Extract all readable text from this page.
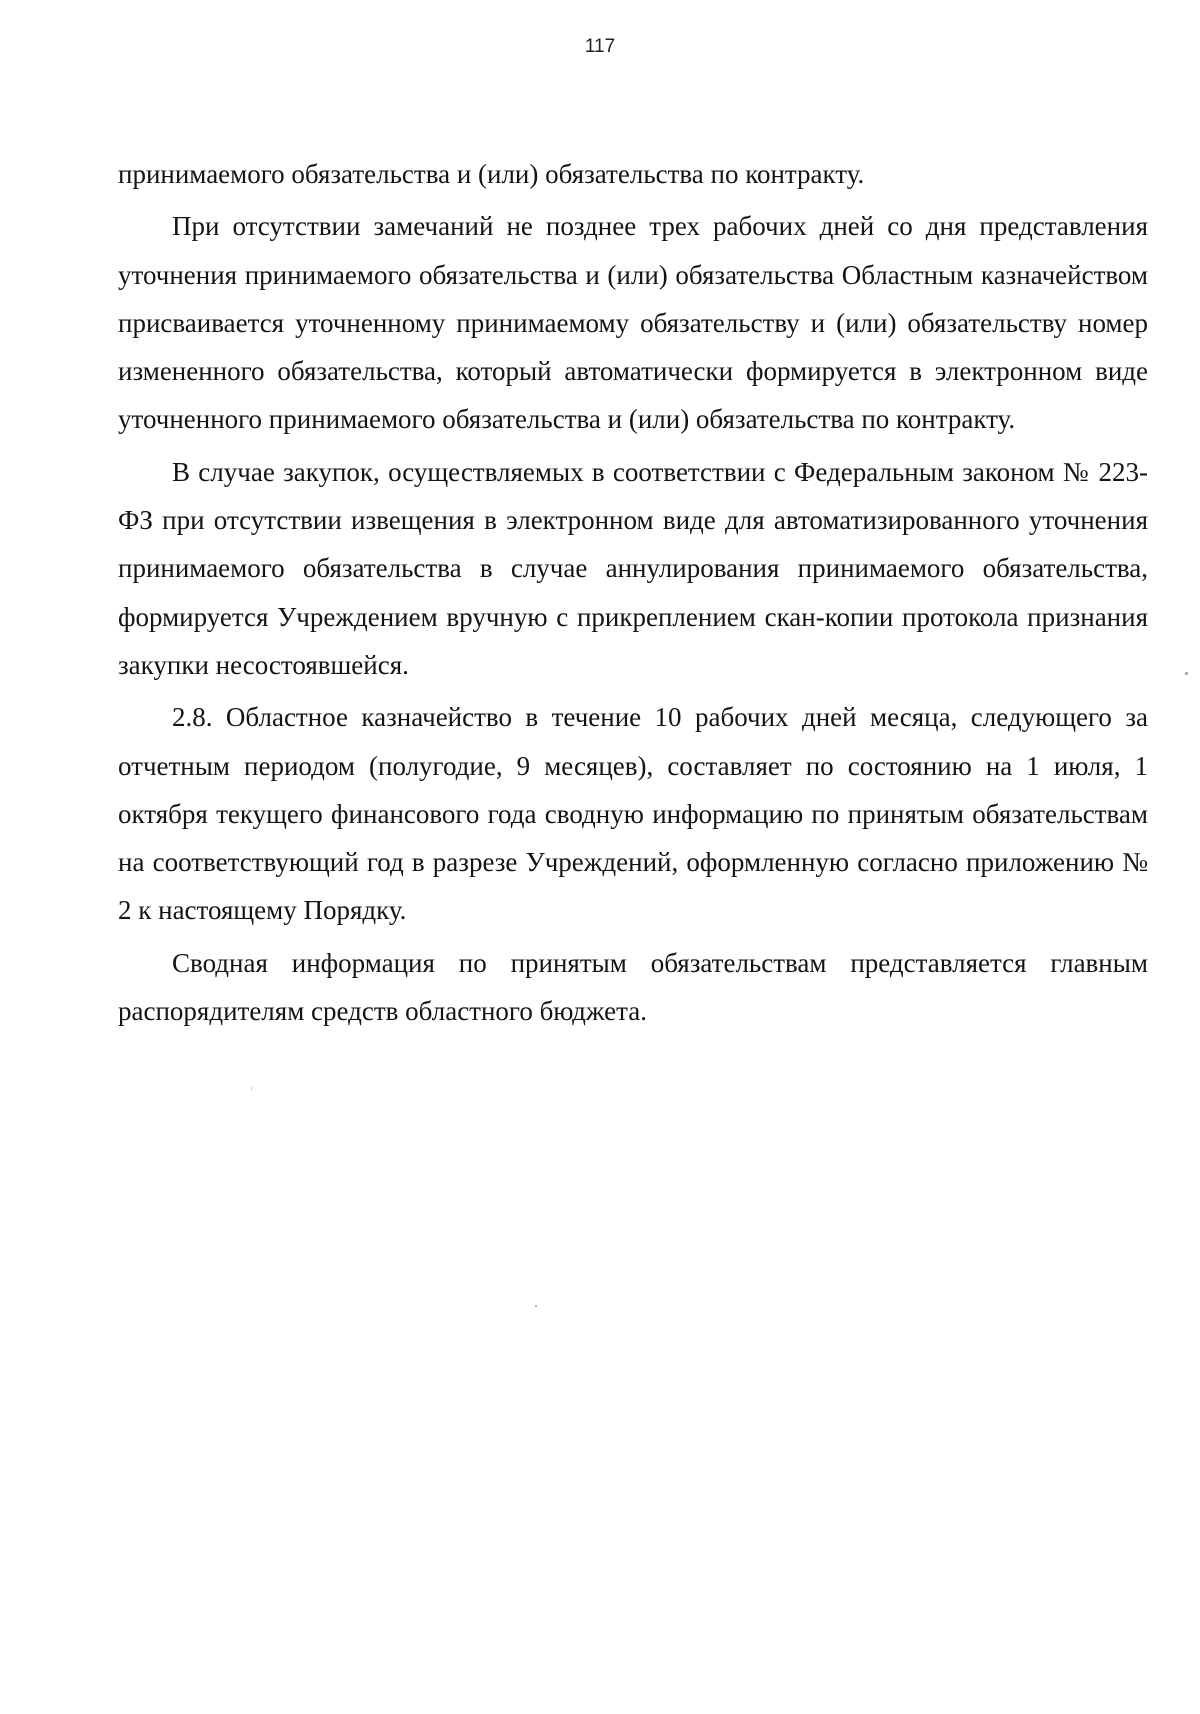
117

принимаемого обязательства и (или) обязательства по контракту.

При отсутствии замечаний не позднее трех рабочих дней со дня представления уточнения принимаемого обязательства и (или) обязательства Областным казначейством присваивается уточненному принимаемому обязательству и (или) обязательству номер измененного обязательства, который автоматически формируется в электронном виде уточненного принимаемого обязательства и (или) обязательства по контракту.

В случае закупок, осуществляемых в соответствии с Федеральным законом № 223-ФЗ при отсутствии извещения в электронном виде для автоматизированного уточнения принимаемого обязательства в случае аннулирования принимаемого обязательства, формируется Учреждением вручную с прикреплением скан-копии протокола признания закупки несостоявшейся.

2.8. Областное казначейство в течение 10 рабочих дней месяца, следующего за отчетным периодом (полугодие, 9 месяцев), составляет по состоянию на 1 июля, 1 октября текущего финансового года сводную информацию по принятым обязательствам на соответствующий год в разрезе Учреждений, оформленную согласно приложению № 2 к настоящему Порядку.

Сводная информация по принятым обязательствам представляется главным распорядителям средств областного бюджета.
